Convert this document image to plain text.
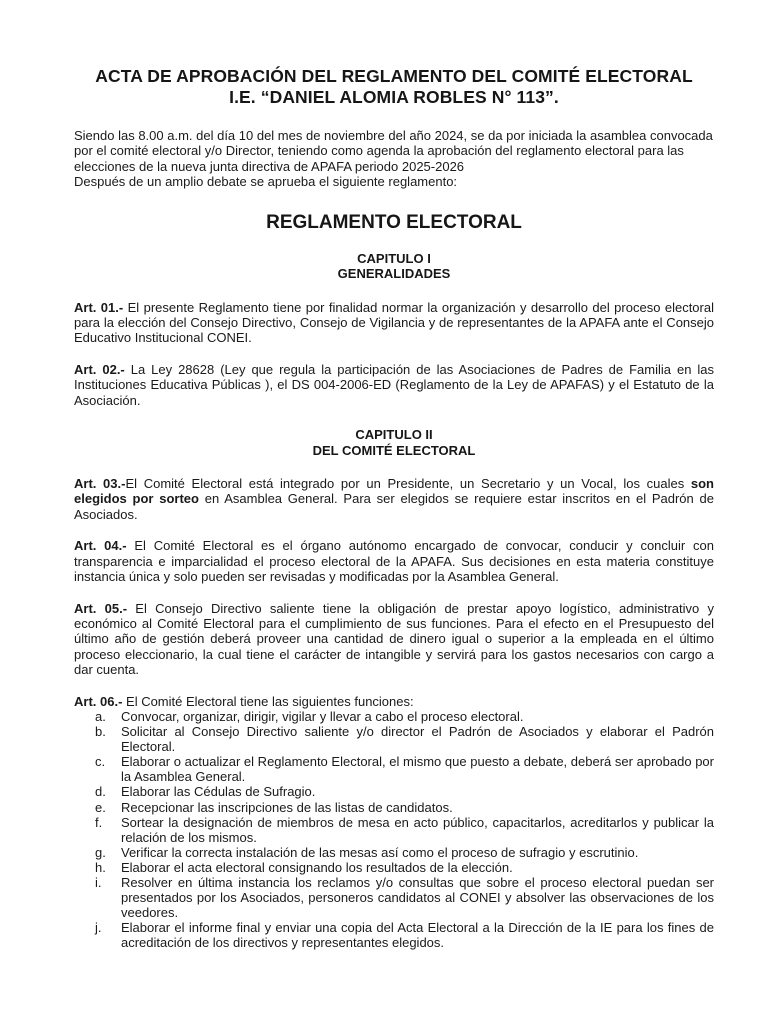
ACTA DE APROBACIÓN DEL REGLAMENTO DEL COMITÉ ELECTORAL
I.E. “DANIEL ALOMIA ROBLES N° 113”.

Siendo las 8.00 a.m. del día 10 del mes de noviembre del año 2024, se da por iniciada la asamblea convocada por el comité electoral y/o Director, teniendo como agenda la aprobación del reglamento electoral para las elecciones de la nueva junta directiva de APAFA periodo 2025-2026

Después de un amplio debate se aprueba el siguiente reglamento:

REGLAMENTO ELECTORAL
CAPITULO I
GENERALIDADES

Art. 01.- El presente Reglamento tiene por finalidad normar la organización y desarrollo del proceso electoral para la elección del Consejo Directivo, Consejo de Vigilancia y de representantes de la APAFA ante el Consejo Educativo Institucional CONEI.

Art. 02.- La Ley 28628 (Ley que regula la participación de las Asociaciones de Padres de Familia en las Instituciones Educativa Públicas ), el DS 004-2006-ED (Reglamento de la Ley de APAFAS) y el Estatuto de la Asociación.

CAPITULO II
DEL COMITÉ ELECTORAL

Art. 03.-El Comité Electoral está integrado por un Presidente, un Secretario y un Vocal, los cuales son elegidos por sorteo en Asamblea General. Para ser elegidos se requiere estar inscritos en el Padrón de Asociados.

Art. 04.- El Comité Electoral es el órgano autónomo encargado de convocar, conducir y concluir con transparencia e imparcialidad el proceso electoral de la APAFA. Sus decisiones en esta materia constituye instancia única y solo pueden ser revisadas y modificadas por la Asamblea General.

Art. 05.- El Consejo Directivo saliente tiene la obligación de prestar apoyo logístico, administrativo y económico al Comité Electoral para el cumplimiento de sus funciones. Para el efecto en el Presupuesto del último año de gestión deberá proveer una cantidad de dinero igual o superior a la empleada en el último proceso eleccionario, la cual tiene el carácter de intangible y servirá para los gastos necesarios con cargo a dar cuenta.

Art. 06.- El Comité Electoral tiene las siguientes funciones:

a.	Convocar, organizar, dirigir, vigilar y llevar a cabo el proceso electoral.
b.	Solicitar al Consejo Directivo saliente y/o director el Padrón de Asociados y elaborar el Padrón Electoral.
c.	Elaborar o actualizar el Reglamento Electoral, el mismo que puesto a debate, deberá ser aprobado por la Asamblea General.
d.	Elaborar las Cédulas de Sufragio.
e.	Recepcionar las inscripciones de las listas de candidatos.
f.	Sortear la designación de miembros de mesa en acto público, capacitarlos, acreditarlos y publicar la relación de los mismos.
g.	Verificar la correcta instalación de las mesas así como el proceso de sufragio y escrutinio.
h.	Elaborar el acta electoral consignando los resultados de la elección.
i.	Resolver en última instancia los reclamos y/o consultas que sobre el proceso electoral puedan ser presentados por los Asociados, personeros candidatos al CONEI y absolver las observaciones de los veedores.
j.	Elaborar el informe final y enviar una copia del Acta Electoral a la Dirección de la IE para los fines de acreditación de los directivos y representantes elegidos.
